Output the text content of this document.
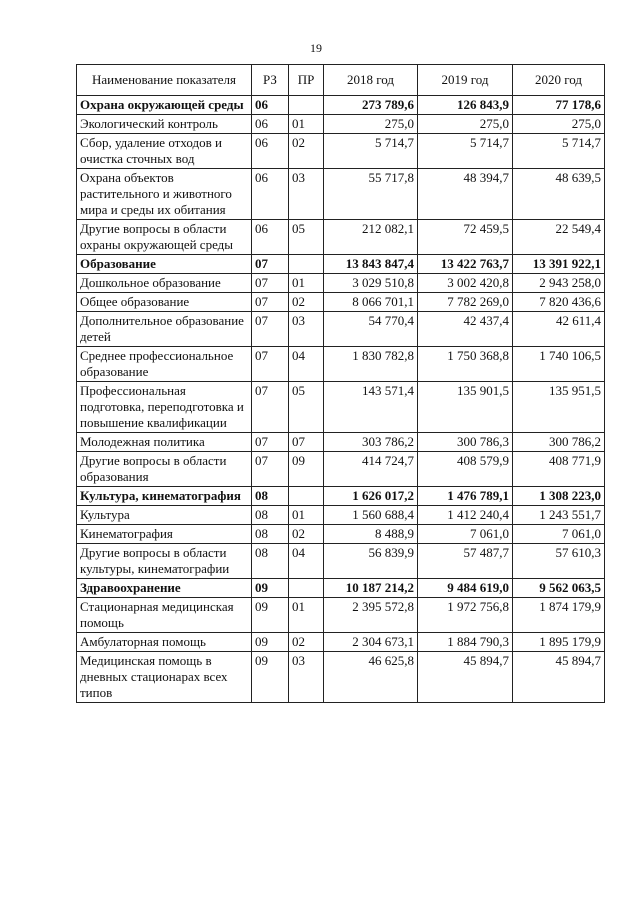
19
Наименование показателя	РЗ	ПР	2018 год	2019 год	2020 год
Охрана окружающей среды	06		273 789,6	126 843,9	77 178,6
Экологический контроль	06	01	275,0	275,0	275,0
Сбор, удаление отходов и очистка сточных вод	06	02	5 714,7	5 714,7	5 714,7
Охрана объектов растительного и животного мира и среды их обитания	06	03	55 717,8	48 394,7	48 639,5
Другие вопросы в области охраны окружающей среды	06	05	212 082,1	72 459,5	22 549,4
Образование	07		13 843 847,4	13 422 763,7	13 391 922,1
Дошкольное образование	07	01	3 029 510,8	3 002 420,8	2 943 258,0
Общее образование	07	02	8 066 701,1	7 782 269,0	7 820 436,6
Дополнительное образование детей	07	03	54 770,4	42 437,4	42 611,4
Среднее профессиональное образование	07	04	1 830 782,8	1 750 368,8	1 740 106,5
Профессиональная подготовка, переподготовка и повышение квалификации	07	05	143 571,4	135 901,5	135 951,5
Молодежная политика	07	07	303 786,2	300 786,3	300 786,2
Другие вопросы в области образования	07	09	414 724,7	408 579,9	408 771,9
Культура, кинематография	08		1 626 017,2	1 476 789,1	1 308 223,0
Культура	08	01	1 560 688,4	1 412 240,4	1 243 551,7
Кинематография	08	02	8 488,9	7 061,0	7 061,0
Другие вопросы в области культуры, кинематографии	08	04	56 839,9	57 487,7	57 610,3
Здравоохранение	09		10 187 214,2	9 484 619,0	9 562 063,5
Стационарная медицинская помощь	09	01	2 395 572,8	1 972 756,8	1 874 179,9
Амбулаторная помощь	09	02	2 304 673,1	1 884 790,3	1 895 179,9
Медицинская помощь в дневных стационарах всех типов	09	03	46 625,8	45 894,7	45 894,7
